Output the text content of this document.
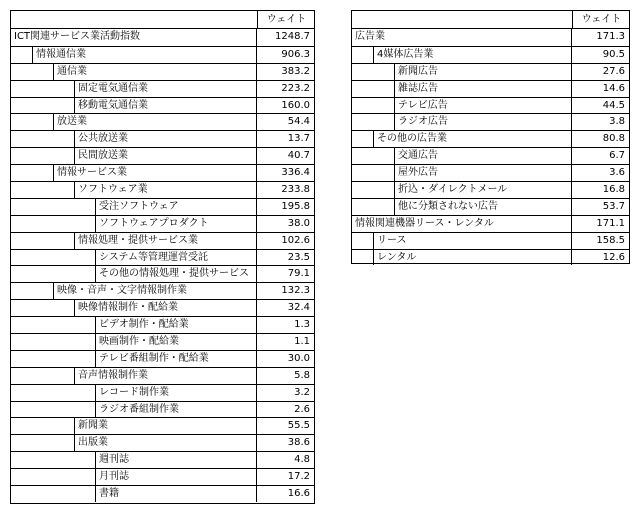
ウェイト
ICT関連サービス業活動指数	1248.7
情報通信業	906.3
通信業	383.2
固定電気通信業	223.2
移動電気通信業	160.0
放送業	54.4
公共放送業	13.7
民間放送業	40.7
情報サービス業	336.4
ソフトウェア業	233.8
受注ソフトウェア	195.8
ソフトウェアプロダクト	38.0
情報処理・提供サービス業	102.6
システム等管理運営受託	23.5
その他の情報処理・提供サービス	79.1
映像・音声・文字情報制作業	132.3
映像情報制作・配給業	32.4
ビデオ制作・配給業	1.3
映画制作・配給業	1.1
テレビ番組制作・配給業	30.0
音声情報制作業	5.8
レコード制作業	3.2
ラジオ番組制作業	2.6
新聞業	55.5
出版業	38.6
週刊誌	4.8
月刊誌	17.2
書籍	16.6
ウェイト
広告業	171.3
4媒体広告業	90.5
新聞広告	27.6
雑誌広告	14.6
テレビ広告	44.5
ラジオ広告	3.8
その他の広告業	80.8
交通広告	6.7
屋外広告	3.6
折込・ダイレクトメール	16.8
他に分類されない広告	53.7
情報関連機器リース・レンタル	171.1
リース	158.5
レンタル	12.6
